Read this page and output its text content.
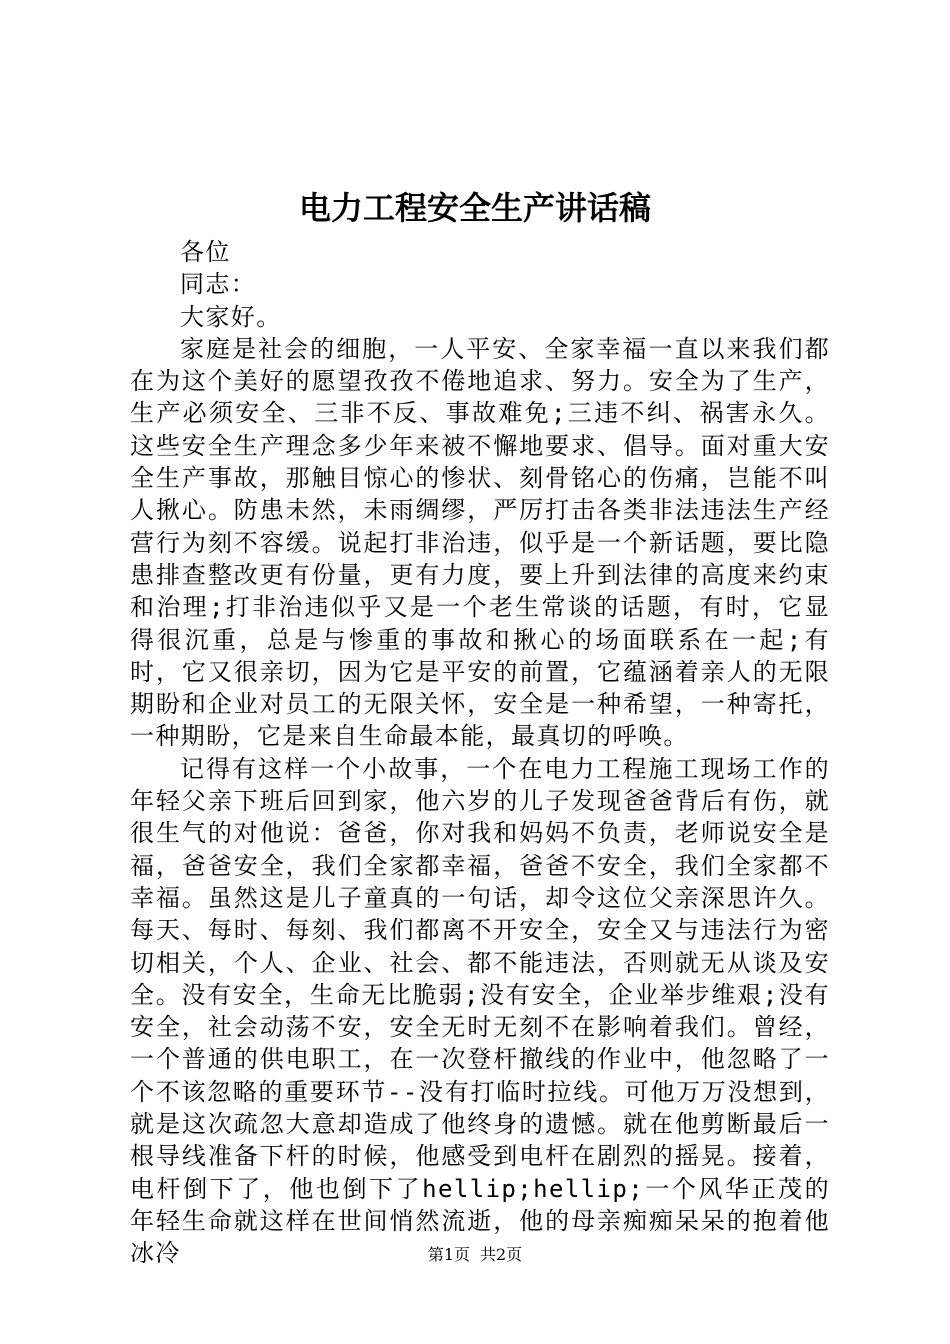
电力工程安全生产讲话稿

各位

同志：

大家好。

家庭是社会的细胞，一人平安、全家幸福一直以来我们都在为这个美好的愿望孜孜不倦地追求、努力。安全为了生产，生产必须安全、三非不反、事故难免;三违不纠、祸害永久。这些安全生产理念多少年来被不懈地要求、倡导。面对重大安全生产事故，那触目惊心的惨状、刻骨铭心的伤痛，岂能不叫人揪心。防患未然，未雨绸缪，严厉打击各类非法违法生产经营行为刻不容缓。说起打非治违，似乎是一个新话题，要比隐患排查整改更有份量，更有力度，要上升到法律的高度来约束和治理;打非治违似乎又是一个老生常谈的话题，有时，它显得很沉重，总是与惨重的事故和揪心的场面联系在一起;有时，它又很亲切，因为它是平安的前置，它蕴涵着亲人的无限期盼和企业对员工的无限关怀，安全是一种希望，一种寄托，一种期盼，它是来自生命最本能，最真切的呼唤。

记得有这样一个小故事，一个在电力工程施工现场工作的年轻父亲下班后回到家，他六岁的儿子发现爸爸背后有伤，就很生气的对他说：爸爸，你对我和妈妈不负责，老师说安全是福，爸爸安全，我们全家都幸福，爸爸不安全，我们全家都不幸福。虽然这是儿子童真的一句话，却令这位父亲深思许久。每天、每时、每刻、我们都离不开安全，安全又与违法行为密切相关，个人、企业、社会、都不能违法，否则就无从谈及安全。没有安全，生命无比脆弱;没有安全，企业举步维艰;没有安全，社会动荡不安，安全无时无刻不在影响着我们。曾经，一个普通的供电职工，在一次登杆撤线的作业中，他忽略了一个不该忽略的重要环节--没有打临时拉线。可他万万没想到，就是这次疏忽大意却造成了他终身的遗憾。就在他剪断最后一根导线准备下杆的时候，他感受到电杆在剧烈的摇晃。接着，电杆倒下了，他也倒下了hellip;hellip;一个风华正茂的年轻生命就这样在世间悄然流逝，他的母亲痴痴呆呆的抱着他冰冷	第1页 共2页
